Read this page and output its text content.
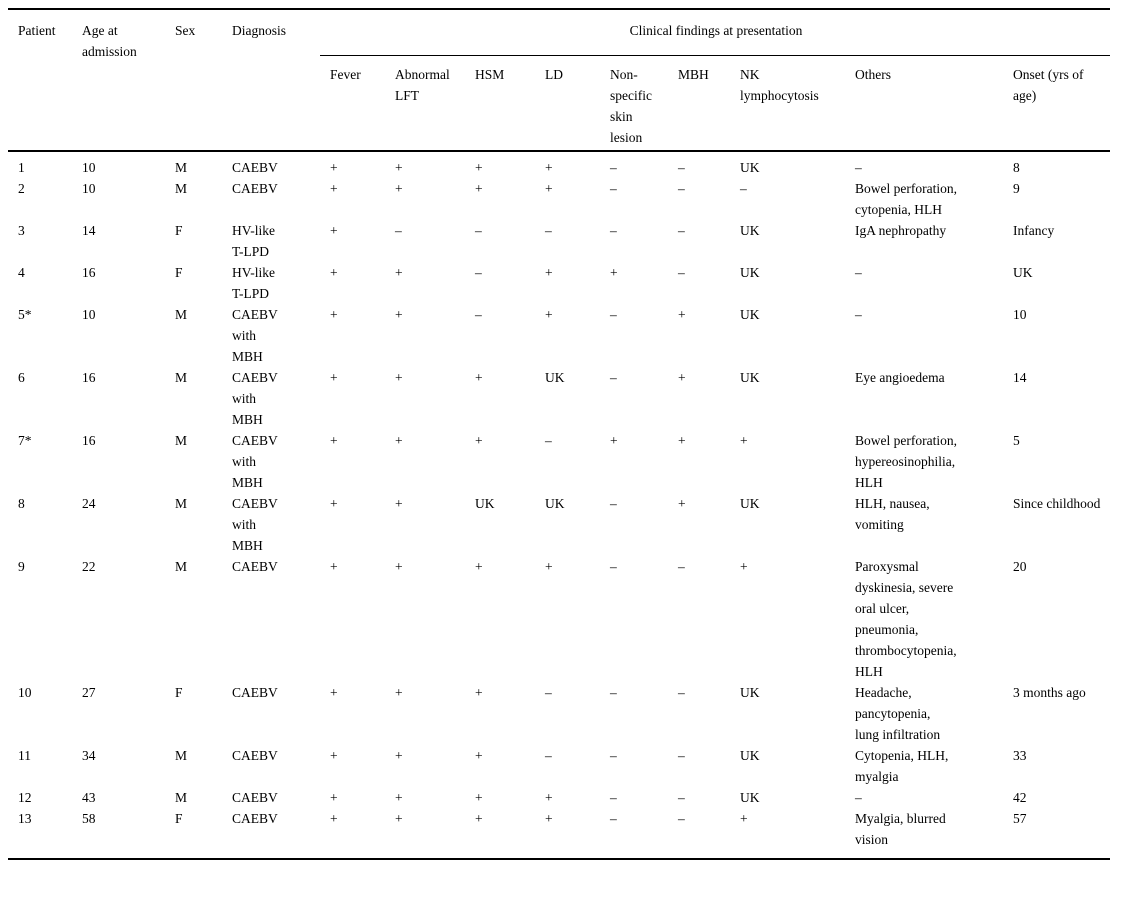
Patient	Age at admission	Sex	Diagnosis	Clinical findings at presentation								
				Fever	Abnormal LFT	HSM	LD	Non-specific skin lesion	MBH	NK lymphocytosis	Others	Onset (yrs of age)
1	10	M	CAEBV	+	+	+	+	–	–	UK	–	8
2	10	M	CAEBV	+	+	+	+	–	–	–	Bowel perforation, cytopenia, HLH	9
3	14	F	HV-like T-LPD	+	–	–	–	–	–	UK	IgA nephropathy	Infancy
4	16	F	HV-like T-LPD	+	+	–	+	+	–	UK	–	UK
5*	10	M	CAEBV with MBH	+	+	–	+	–	+	UK	–	10
6	16	M	CAEBV with MBH	+	+	+	UK	–	+	UK	Eye angioedema	14
7*	16	M	CAEBV with MBH	+	+	+	–	+	+	+	Bowel perforation, hypereosinophilia, HLH	5
8	24	M	CAEBV with MBH	+	+	UK	UK	–	+	UK	HLH, nausea, vomiting	Since childhood
9	22	M	CAEBV	+	+	+	+	–	–	+	Paroxysmal dyskinesia, severe oral ulcer, pneumonia, thrombocytopenia, HLH	20
10	27	F	CAEBV	+	+	+	–	–	–	UK	Headache, pancytopenia, lung infiltration	3 months ago
11	34	M	CAEBV	+	+	+	–	–	–	UK	Cytopenia, HLH, myalgia	33
12	43	M	CAEBV	+	+	+	+	–	–	UK	–	42
13	58	F	CAEBV	+	+	+	+	–	–	+	Myalgia, blurred vision	57
